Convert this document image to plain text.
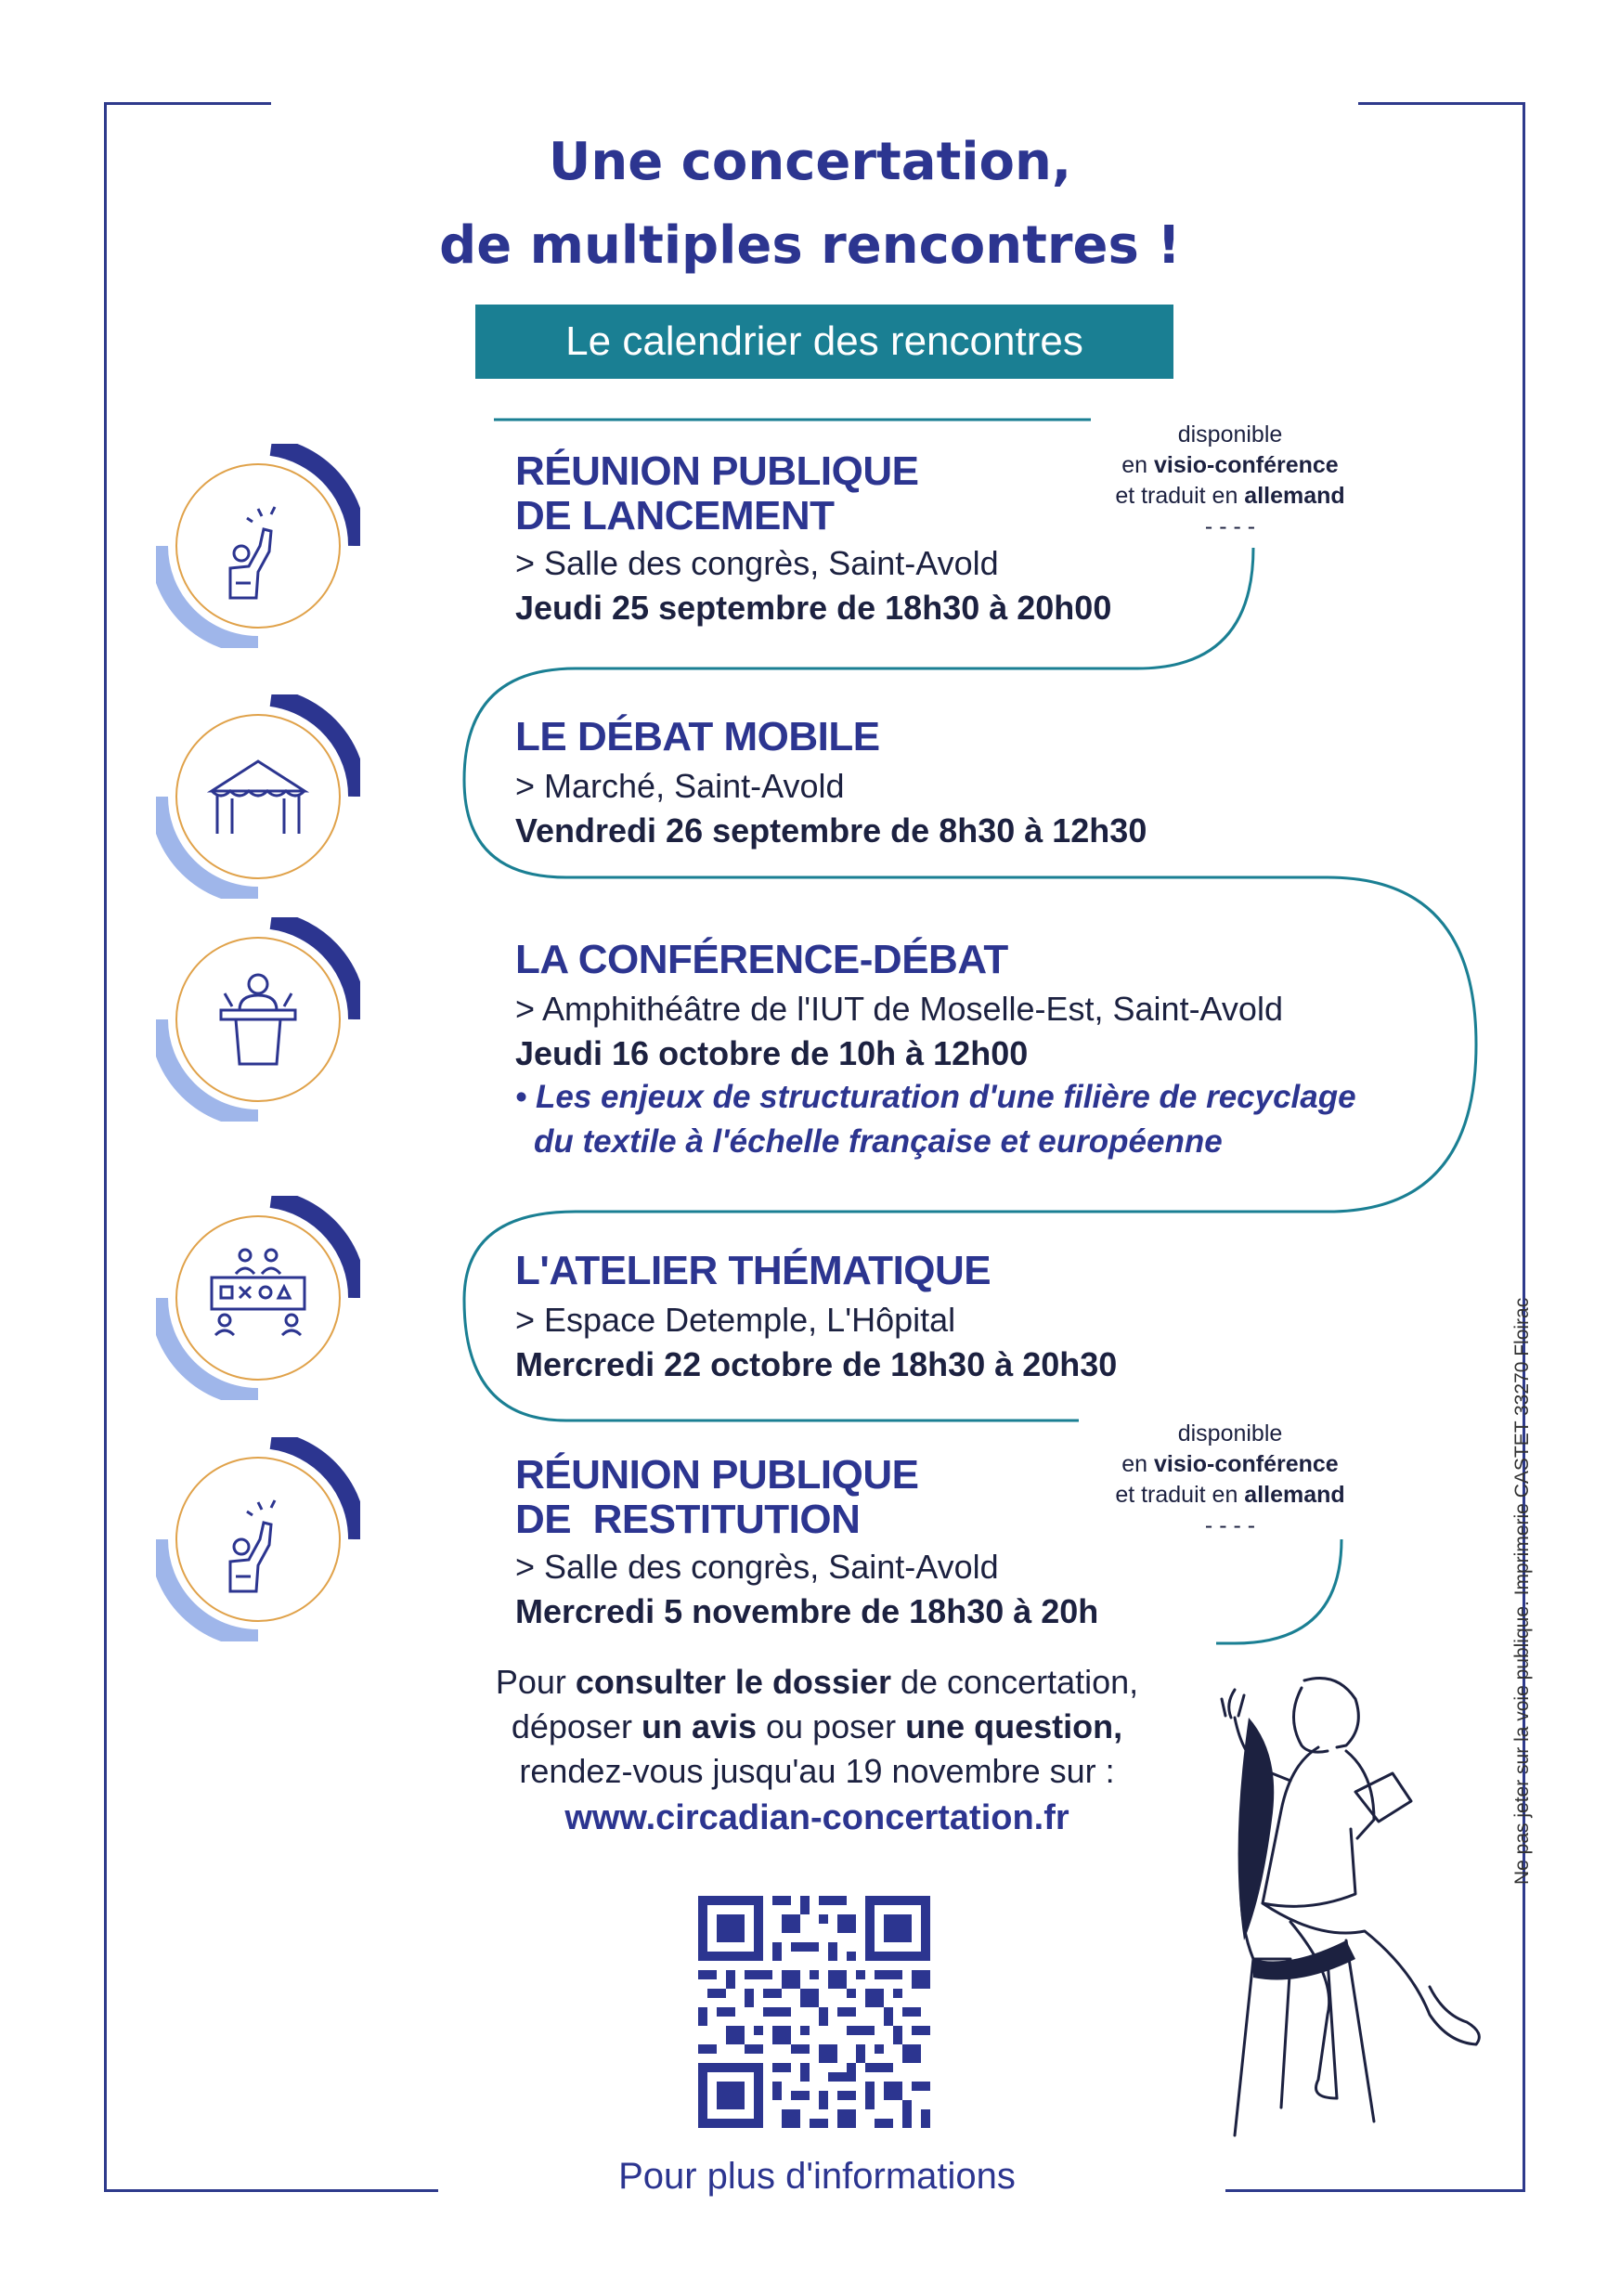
Une concertation,
de multiples rencontres !
Le calendrier des rencontres
RÉUNION PUBLIQUE
DE LANCEMENT
> Salle des congrès, Saint-Avold
Jeudi 25 septembre de 18h30 à 20h00
disponible
en visio-conférence
et traduit en allemand
- - - -
LE DÉBAT MOBILE
> Marché, Saint-Avold
Vendredi 26 septembre de 8h30 à 12h30
LA CONFÉRENCE-DÉBAT
> Amphithéâtre de l'IUT de Moselle-Est, Saint-Avold
Jeudi 16 octobre de 10h à 12h00
• Les enjeux de structuration d'une filière de recyclage
du textile à l'échelle française et européenne
L'ATELIER THÉMATIQUE
> Espace Detemple, L'Hôpital
Mercredi 22 octobre de 18h30 à 20h30
RÉUNION PUBLIQUE
DE  RESTITUTION
> Salle des congrès, Saint-Avold
Mercredi 5 novembre de 18h30 à 20h
disponible
en visio-conférence
et traduit en allemand
- - - -
Pour consulter le dossier de concertation,
déposer un avis ou poser une question,
rendez-vous jusqu'au 19 novembre sur :
www.circadian-concertation.fr
Pour plus d'informations
Ne pas jeter sur la voie publique. Imprimerie CASTET 33270 Floirac
